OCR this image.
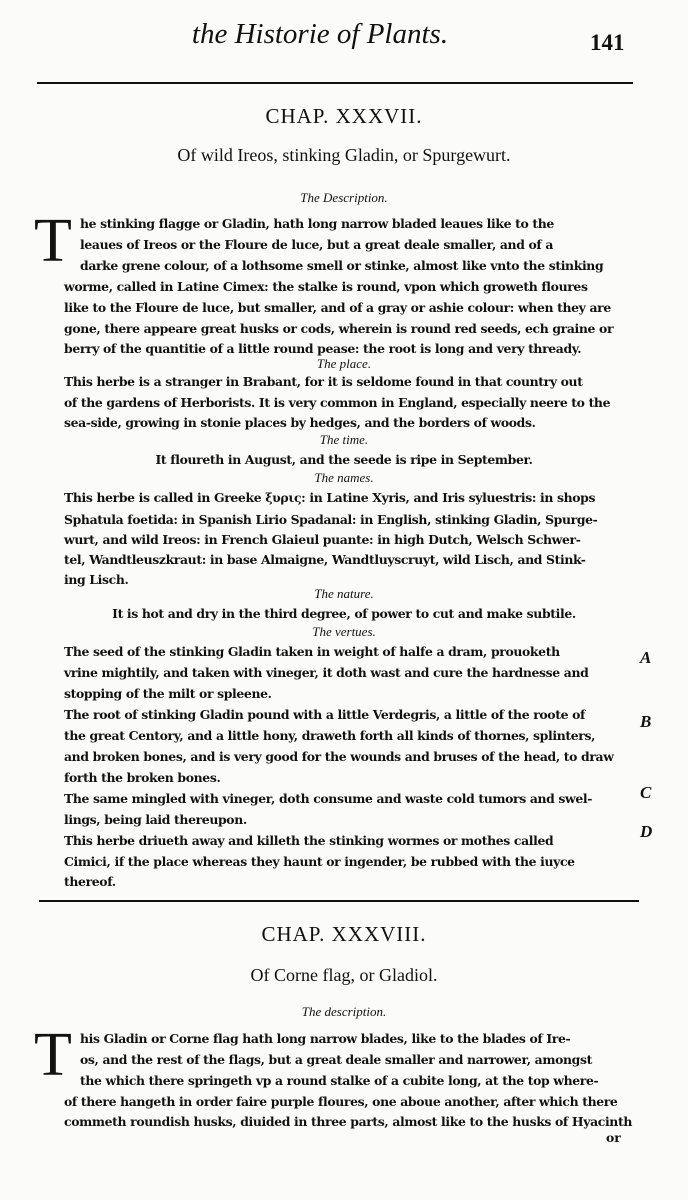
the Historie of Plants.	141
CHAP. XXXVII.
Of wild Ireos, stinking Gladin, or Spurgewurt.
The Description.
T he stinking flagge or Gladin, hath long narrow bladed leaues like to the
leaues of Ireos or the Floure de luce, but a great deale smaller, and of a
darke grene colour, of a lothsome smell or stinke, almost like vnto the stinking
worme, called in Latine Cimex: the stalke is round, vpon which groweth floures
like to the Floure de luce, but smaller, and of a gray or ashie colour: when they are
gone, there appeare great husks or cods, wherein is round red seeds, ech graine or
berry of the quantitie of a little round pease: the root is long and very thready.
The place.
This herbe is a stranger in Brabant, for it is seldome found in that country out
of the gardens of Herborists. It is very common in England, especially neere to the
sea-side, growing in stonie places by hedges, and the borders of woods.
The time.
It floureth in August, and the seede is ripe in September.
The names.
This herbe is called in Greeke ξυρις: in Latine Xyris, and Iris syluestris: in shops
Sphatula foetida: in Spanish Lirio Spadanal: in English, stinking Gladin, Spurge-
wurt, and wild Ireos: in French Glaieul puante: in high Dutch, Welsch Schwer-
tel, Wandtleuszkraut: in base Almaigne, Wandtluyscruyt, wild Lisch, and Stink-
ing Lisch.
The nature.
It is hot and dry in the third degree, of power to cut and make subtile.
The vertues.
The seed of the stinking Gladin taken in weight of halfe a dram, prouoketh
vrine mightily, and taken with vineger, it doth wast and cure the hardnesse and
stopping of the milt or spleene.
The root of stinking Gladin pound with a little Verdegris, a little of the roote of
the great Centory, and a little hony, draweth forth all kinds of thornes, splinters,
and broken bones, and is very good for the wounds and bruses of the head, to draw
forth the broken bones.
The same mingled with vineger, doth consume and waste cold tumors and swel-
lings, being laid thereupon.
This herbe driueth away and killeth the stinking wormes or mothes called
Cimici, if the place whereas they haunt or ingender, be rubbed with the iuyce
thereof.
A
B
C
D
CHAP. XXXVIII.
Of Corne flag, or Gladiol.
The description.
T his Gladin or Corne flag hath long narrow blades, like to the blades of Ire-
os, and the rest of the flags, but a great deale smaller and narrower, amongst
the which there springeth vp a round stalke of a cubite long, at the top where-
of there hangeth in order faire purple floures, one aboue another, after which there
commeth roundish husks, diuided in three parts, almost like to the husks of Hyacinth
or
